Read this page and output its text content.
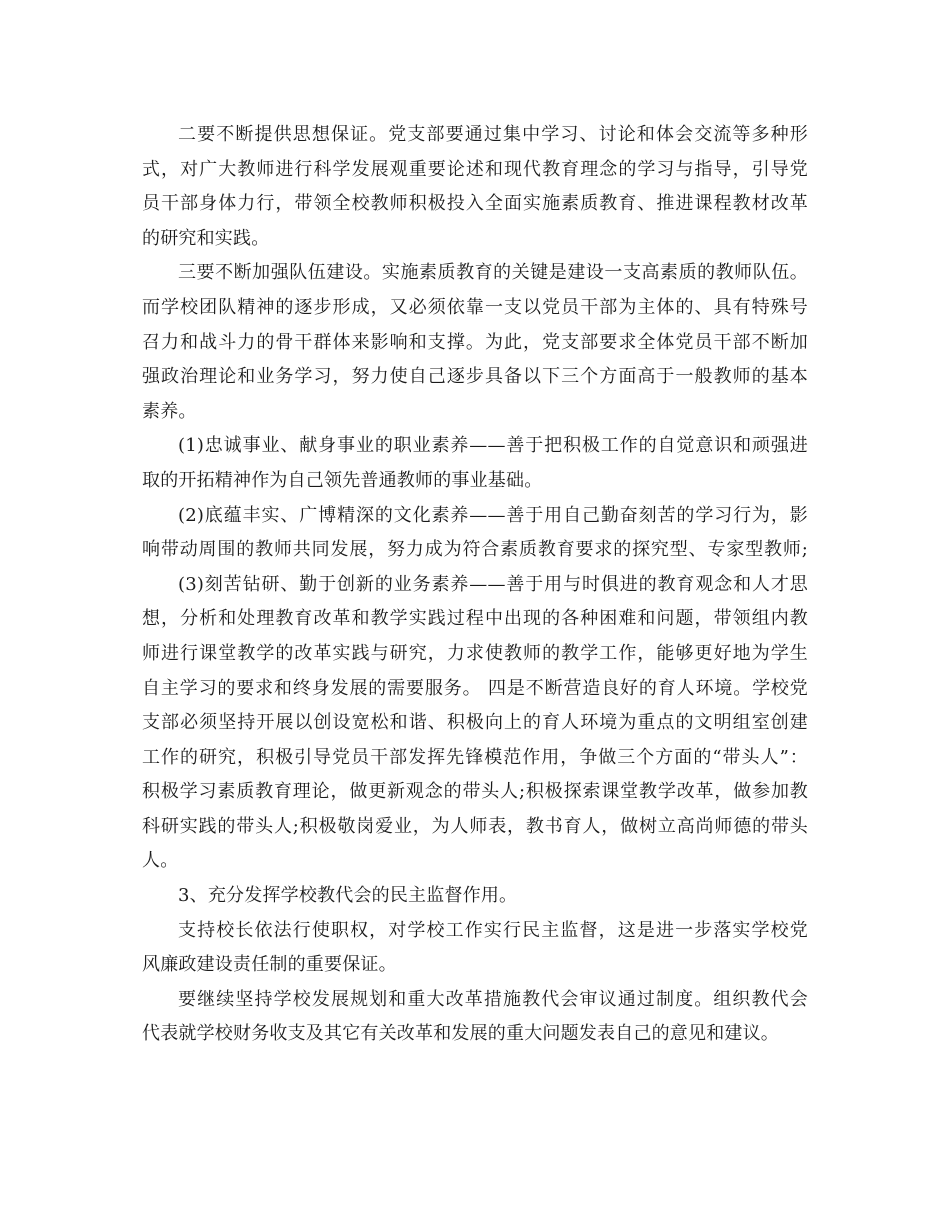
二要不断提供思想保证。党支部要通过集中学习、讨论和体会交流等多种形
式，对广大教师进行科学发展观重要论述和现代教育理念的学习与指导，引导党
员干部身体力行，带领全校教师积极投入全面实施素质教育、推进课程教材改革
的研究和实践。
三要不断加强队伍建设。实施素质教育的关键是建设一支高素质的教师队伍。
而学校团队精神的逐步形成，又必须依靠一支以党员干部为主体的、具有特殊号
召力和战斗力的骨干群体来影响和支撑。为此，党支部要求全体党员干部不断加
强政治理论和业务学习，努力使自己逐步具备以下三个方面高于一般教师的基本
素养。
(1)忠诚事业、献身事业的职业素养——善于把积极工作的自觉意识和顽强进
取的开拓精神作为自己领先普通教师的事业基础。
(2)底蕴丰实、广博精深的文化素养——善于用自己勤奋刻苦的学习行为，影
响带动周围的教师共同发展，努力成为符合素质教育要求的探究型、专家型教师;
(3)刻苦钻研、勤于创新的业务素养——善于用与时俱进的教育观念和人才思
想，分析和处理教育改革和教学实践过程中出现的各种困难和问题，带领组内教
师进行课堂教学的改革实践与研究，力求使教师的教学工作，能够更好地为学生
自主学习的要求和终身发展的需要服务。 四是不断营造良好的育人环境。学校党
支部必须坚持开展以创设宽松和谐、积极向上的育人环境为重点的文明组室创建
工作的研究，积极引导党员干部发挥先锋模范作用，争做三个方面的“带头人”：
积极学习素质教育理论，做更新观念的带头人;积极探索课堂教学改革，做参加教
科研实践的带头人;积极敬岗爱业，为人师表，教书育人，做树立高尚师德的带头
人。
3、充分发挥学校教代会的民主监督作用。
支持校长依法行使职权，对学校工作实行民主监督，这是进一步落实学校党
风廉政建设责任制的重要保证。
要继续坚持学校发展规划和重大改革措施教代会审议通过制度。组织教代会
代表就学校财务收支及其它有关改革和发展的重大问题发表自己的意见和建议。
